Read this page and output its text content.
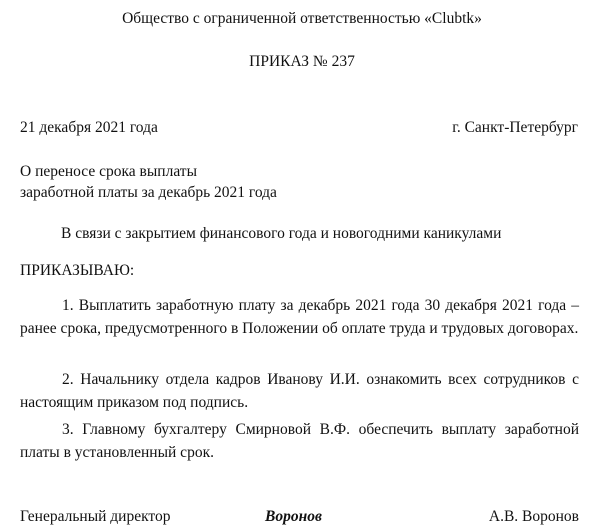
Общество с ограниченной ответственностью «Clubtk»
ПРИКАЗ № 237
21 декабря 2021 года	г. Санкт-Петербург
О переносе срока выплаты
заработной платы за декабрь 2021 года
В связи с закрытием финансового года и новогодними каникулами
ПРИКАЗЫВАЮ:
1. Выплатить заработную плату за декабрь 2021 года 30 декабря 2021 года – ранее срока, предусмотренного в Положении об оплате труда и трудовых договорах.
2. Начальнику отдела кадров Иванову И.И. ознакомить всех сотрудников с настоящим приказом под подпись.
3. Главному бухгалтеру Смирновой В.Ф. обеспечить выплату заработной платы в установленный срок.
Генеральный директор	Воронов	А.В. Воронов
